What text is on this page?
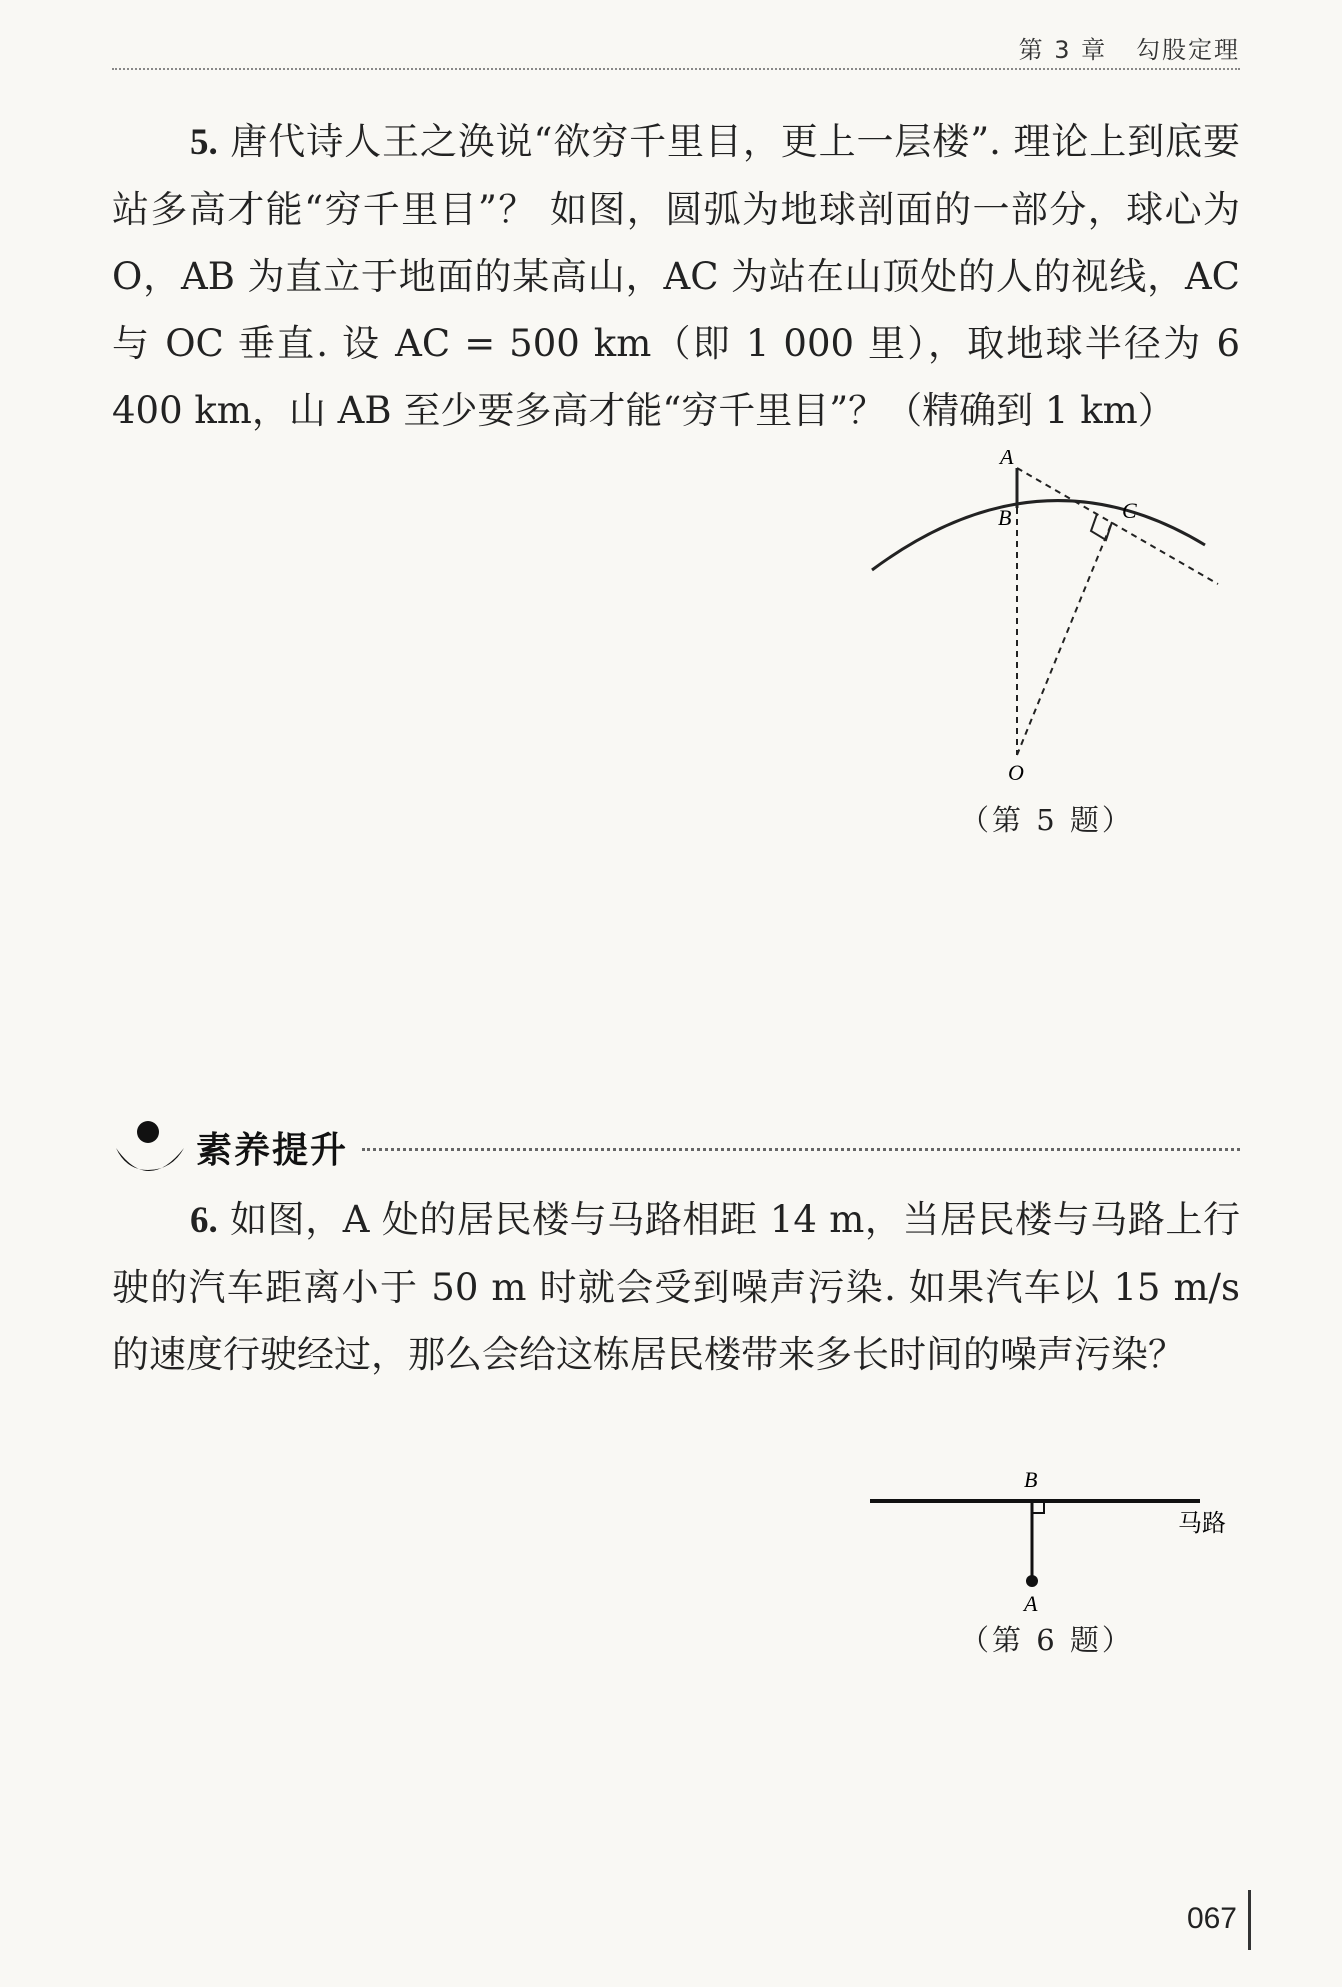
第 3 章   勾股定理
5. 唐代诗人王之涣说“欲穷千里目，更上一层楼”. 理论上到底要站多高才能“穷千里目”？ 如图，圆弧为地球剖面的一部分，球心为 O，AB 为直立于地面的某高山，AC 为站在山顶处的人的视线，AC 与 OC 垂直. 设 AC = 500 km（即 1 000 里），取地球半径为 6 400 km，山 AB 至少要多高才能“穷千里目”？（精确到 1 km）
A
B	C
O
（第 5 题）
素养提升
6. 如图，A 处的居民楼与马路相距 14 m，当居民楼与马路上行驶的汽车距离小于 50 m 时就会受到噪声污染. 如果汽车以 15 m/s 的速度行驶经过，那么会给这栋居民楼带来多长时间的噪声污染？
B
A
马路
（第 6 题）
067
